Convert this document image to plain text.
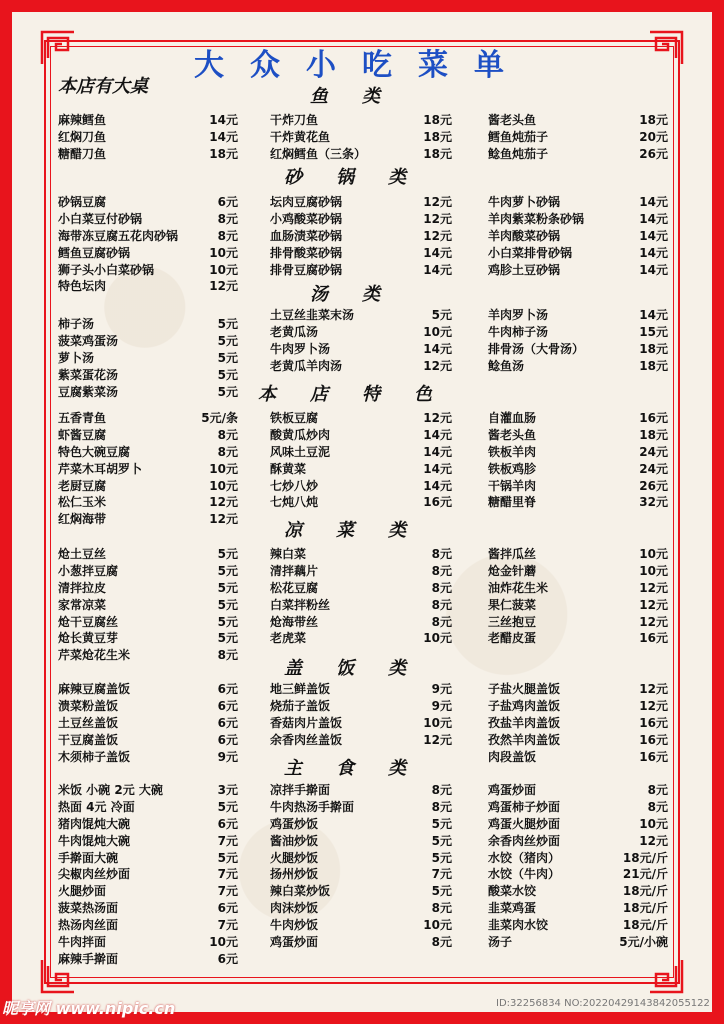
大众小吃菜单
本店有大桌	鱼类
麻辣鳕鱼	14元
红焖刀鱼	14元
糖醋刀鱼	18元
干炸刀鱼	18元
干炸黄花鱼	18元
红焖鳕鱼（三条）	18元
酱老头鱼	18元
鳕鱼炖茄子	20元
鲶鱼炖茄子	26元
砂锅类
砂锅豆腐	6元
小白菜豆付砂锅	8元
海带冻豆腐五花肉砂锅	8元
鳕鱼豆腐砂锅	10元
狮子头小白菜砂锅	10元
特色坛肉	12元
坛肉豆腐砂锅	12元
小鸡酸菜砂锅	12元
血肠渍菜砂锅	12元
排骨酸菜砂锅	14元
排骨豆腐砂锅	14元
牛肉萝卜砂锅	14元
羊肉紫菜粉条砂锅	14元
羊肉酸菜砂锅	14元
小白菜排骨砂锅	14元
鸡胗土豆砂锅	14元
汤类
柿子汤	5元
菠菜鸡蛋汤	5元
萝卜汤	5元
紫菜蛋花汤	5元
豆腐紫菜汤	5元
土豆丝韭菜末汤	5元
老黄瓜汤	10元
牛肉罗卜汤	14元
老黄瓜羊肉汤	12元
羊肉罗卜汤	14元
牛肉柿子汤	15元
排骨汤（大骨汤）	18元
鲶鱼汤	18元
本店特色
五香青鱼	5元/条
虾酱豆腐	8元
特色大碗豆腐	8元
芹菜木耳胡罗卜	10元
老厨豆腐	10元
松仁玉米	12元
红焖海带	12元
铁板豆腐	12元
酸黄瓜炒肉	14元
风味土豆泥	14元
酥黄菜	14元
七炒八炒	14元
七炖八炖	16元
自灌血肠	16元
酱老头鱼	18元
铁板羊肉	24元
铁板鸡胗	24元
干锅羊肉	26元
糖醋里脊	32元
凉菜类
炝土豆丝	5元
小葱拌豆腐	5元
清拌拉皮	5元
家常凉菜	5元
炝干豆腐丝	5元
炝长黄豆芽	5元
芹菜炝花生米	8元
辣白菜	8元
清拌藕片	8元
松花豆腐	8元
白菜拌粉丝	8元
炝海带丝	8元
老虎菜	10元
酱拌瓜丝	10元
炝金针蘑	10元
油炸花生米	12元
果仁菠菜	12元
三丝抱豆	12元
老醋皮蛋	16元
盖饭类
麻辣豆腐盖饭	6元
溃菜粉盖饭	6元
土豆丝盖饭	6元
干豆腐盖饭	6元
木须柿子盖饭	9元
地三鲜盖饭	9元
烧茄子盖饭	9元
香菇肉片盖饭	10元
余香肉丝盖饭	12元
子盐火腿盖饭	12元
子盐鸡肉盖饭	12元
孜盐羊肉盖饭	16元
孜然羊肉盖饭	16元
肉段盖饭	16元
主食类
米饭 小碗 2元 大碗	3元
热面 4元 冷面	5元
猪肉馄炖大碗	6元
牛肉馄炖大碗	7元
手擀面大碗	5元
尖椒肉丝炒面	7元
火腿炒面	7元
菠菜热汤面	6元
热汤肉丝面	7元
牛肉拌面	10元
麻辣手擀面	6元
凉拌手擀面	8元
牛肉热汤手擀面	8元
鸡蛋炒饭	5元
酱油炒饭	5元
火腿炒饭	5元
扬州炒饭	7元
辣白菜炒饭	5元
肉沫炒饭	8元
牛肉炒饭	10元
鸡蛋炒面	8元
鸡蛋炒面	8元
鸡蛋柿子炒面	8元
鸡蛋火腿炒面	10元
余香肉丝炒面	12元
水饺（猪肉）	18元/斤
水饺（牛肉）	21元/斤
酸菜水饺	18元/斤
韭菜鸡蛋	18元/斤
韭菜肉水饺	18元/斤
汤子	5元/小碗
昵享网 www.nipic.cn	ID:32256834 NO:20220429143842055122
